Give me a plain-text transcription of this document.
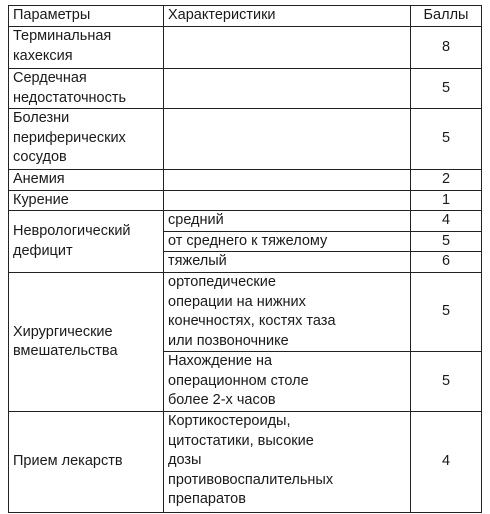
Параметры	Характеристики	Баллы
Терминальная
кахексия		8
Сердечная
недостаточность		5
Болезни
периферических
сосудов		5
Анемия		2
Курение		1
Неврологический
дефицит	средний	4
	от среднего к тяжелому	5
	тяжелый	6
Хирургические
вмешательства	ортопедические
операции на нижних
конечностях, костях таза
или позвоночнике	5
	Нахождение на
операционном столе
более 2-х часов	5
Прием лекарств	Кортикостероиды,
цитостатики, высокие
дозы
противовоспалительных
препаратов	4
